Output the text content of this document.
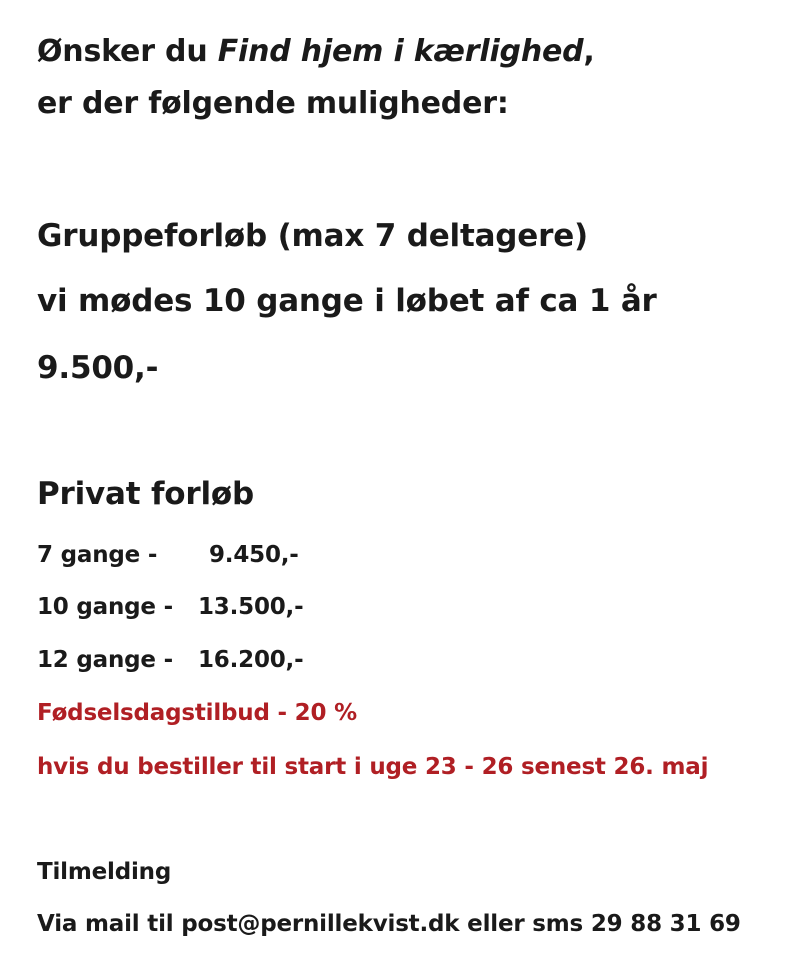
Ønsker du Find hjem i kærlighed,
er der følgende muligheder:
Gruppeforløb (max 7 deltagere)
vi mødes 10 gange i løbet af ca 1 år
9.500,-
Privat forløb
7 gange - 9.450,-
10 gange - 13.500,-
12 gange - 16.200,-
Fødselsdagstilbud - 20 %
hvis du bestiller til start i uge 23 - 26 senest 26. maj
Tilmelding
Via mail til post@pernillekvist.dk eller sms 29 88 31 69
